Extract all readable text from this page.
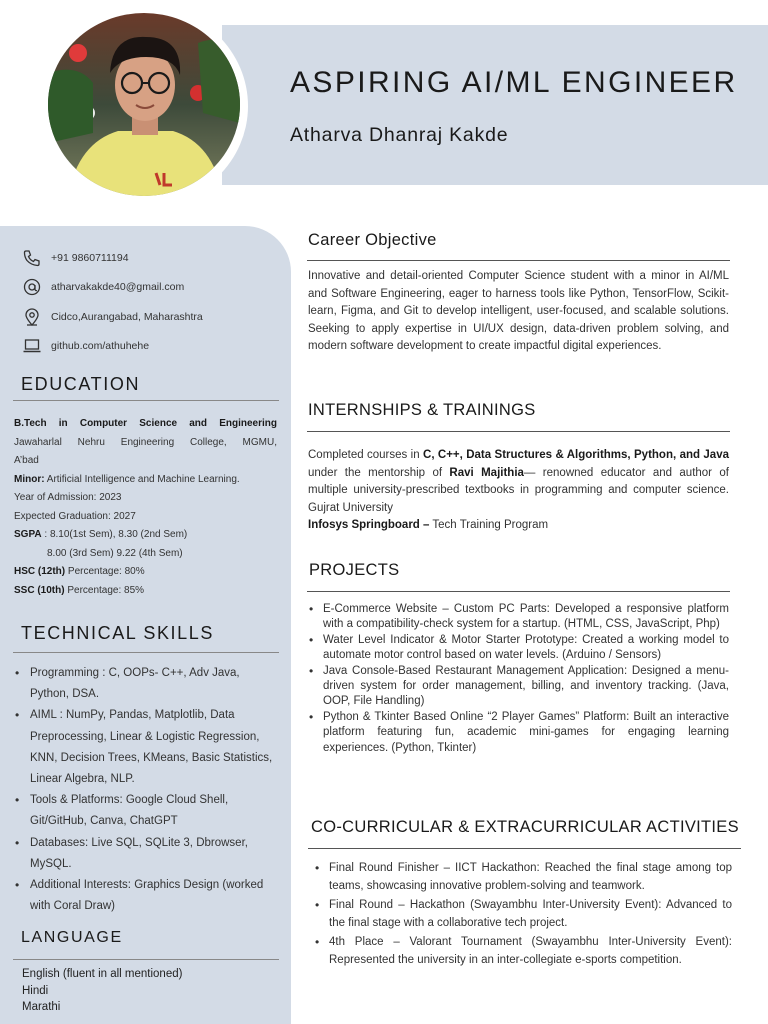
ASPIRING AI/ML ENGINEER
Atharva Dhanraj Kakde
+91 9860711194
atharvakakde40@gmail.com
Cidco,Aurangabad, Maharashtra
github.com/athuhehe
EDUCATION
B.Tech in Computer Science and Engineering
Jawaharlal Nehru Engineering College, MGMU,
A’bad
Minor: Artificial Intelligence and Machine Learning.
Year of Admission: 2023
Expected Graduation: 2027
SGPA : 8.10(1st Sem), 8.30 (2nd Sem)
8.00 (3rd Sem) 9.22 (4th Sem)
HSC (12th) Percentage: 80%
SSC (10th) Percentage: 85%
TECHNICAL SKILLS
• Programming : C, OOPs- C++, Adv Java, Python, DSA.
• AIML : NumPy, Pandas, Matplotlib, Data Preprocessing, Linear & Logistic Regression, KNN, Decision Trees, KMeans, Basic Statistics, Linear Algebra, NLP.
• Tools & Platforms: Google Cloud Shell, Git/GitHub, Canva, ChatGPT
• Databases: Live SQL, SQLite 3, Dbrowser, MySQL.
• Additional Interests: Graphics Design (worked with Coral Draw)
LANGUAGE
English (fluent in all mentioned)
Hindi
Marathi
Career Objective
Innovative and detail-oriented Computer Science student with a minor in AI/ML and Software Engineering, eager to harness tools like Python, TensorFlow, Scikit-learn, Figma, and Git to develop intelligent, user-focused, and scalable solutions. Seeking to apply expertise in UI/UX design, data-driven problem solving, and modern software development to create impactful digital experiences.
INTERNSHIPS & TRAININGS
Completed courses in C, C++, Data Structures & Algorithms, Python, and Java under the mentorship of Ravi Majithia— renowned educator and author of multiple university-prescribed textbooks in programming and computer science. Gujrat University
Infosys Springboard – Tech Training Program
PROJECTS
• E-Commerce Website – Custom PC Parts: Developed a responsive platform with a compatibility-check system for a startup. (HTML, CSS, JavaScript, Php)
• Water Level Indicator & Motor Starter Prototype: Created a working model to automate motor control based on water levels. (Arduino / Sensors)
• Java Console-Based Restaurant Management Application: Designed a menu-driven system for order management, billing, and inventory tracking. (Java, OOP, File Handling)
• Python & Tkinter Based Online “2 Player Games” Platform: Built an interactive platform featuring fun, academic mini-games for engaging learning experiences. (Python, Tkinter)
CO-CURRICULAR & EXTRACURRICULAR ACTIVITIES
• Final Round Finisher – IICT Hackathon: Reached the final stage among top teams, showcasing innovative problem-solving and teamwork.
• Final Round – Hackathon (Swayambhu Inter-University Event): Advanced to the final stage with a collaborative tech project.
• 4th Place – Valorant Tournament (Swayambhu Inter-University Event): Represented the university in an inter-collegiate e-sports competition.
